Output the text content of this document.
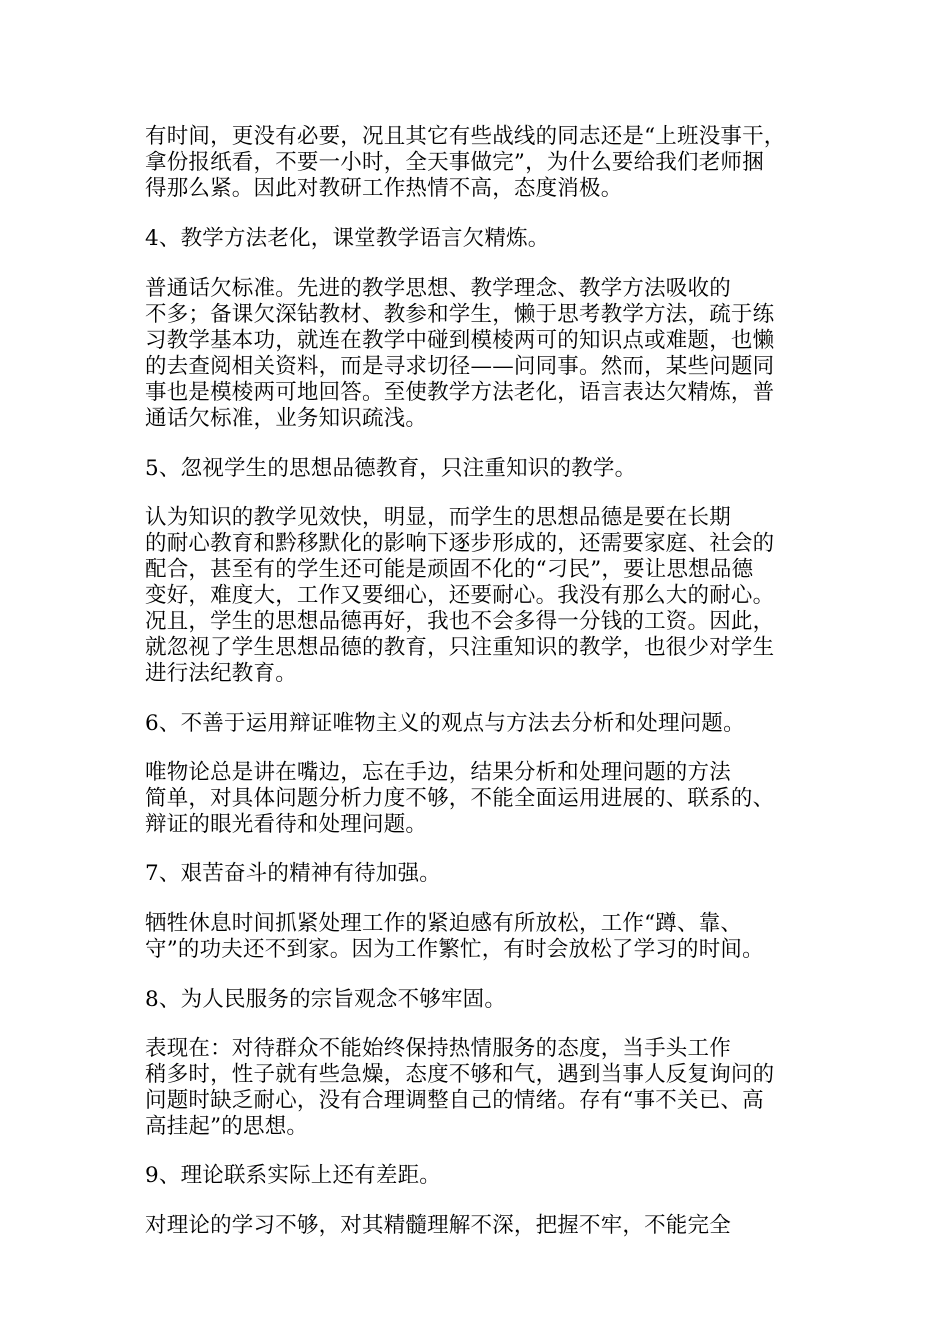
有时间，更没有必要，况且其它有些战线的同志还是“上班没事干，

拿份报纸看，不要一小时，全天事做完”，为什么要给我们老师捆

得那么紧。因此对教研工作热情不高，态度消极。

4、教学方法老化，课堂教学语言欠精炼。

普通话欠标准。先进的教学思想、教学理念、教学方法吸收的

不多；备课欠深钻教材、教参和学生，懒于思考教学方法，疏于练

习教学基本功，就连在教学中碰到模棱两可的知识点或难题，也懒

的去查阅相关资料，而是寻求切径——问同事。然而，某些问题同

事也是模棱两可地回答。至使教学方法老化，语言表达欠精炼，普

通话欠标准，业务知识疏浅。

5、忽视学生的思想品德教育，只注重知识的教学。

认为知识的教学见效快，明显，而学生的思想品德是要在长期

的耐心教育和黔移默化的影响下逐步形成的，还需要家庭、社会的

配合，甚至有的学生还可能是顽固不化的“刁民”，要让思想品德

变好，难度大，工作又要细心，还要耐心。我没有那么大的耐心。

况且，学生的思想品德再好，我也不会多得一分钱的工资。因此，

就忽视了学生思想品德的教育，只注重知识的教学，也很少对学生

进行法纪教育。

6、不善于运用辩证唯物主义的观点与方法去分析和处理问题。

唯物论总是讲在嘴边，忘在手边，结果分析和处理问题的方法

简单，对具体问题分析力度不够，不能全面运用进展的、联系的、

辩证的眼光看待和处理问题。

7、艰苦奋斗的精神有待加强。

牺牲休息时间抓紧处理工作的紧迫感有所放松，工作“蹲、靠、

守”的功夫还不到家。因为工作繁忙，有时会放松了学习的时间。

8、为人民服务的宗旨观念不够牢固。

表现在：对待群众不能始终保持热情服务的态度，当手头工作

稍多时，性子就有些急燥，态度不够和气，遇到当事人反复询问的

问题时缺乏耐心，没有合理调整自己的情绪。存有“事不关已、高

高挂起”的思想。

9、理论联系实际上还有差距。

对理论的学习不够，对其精髓理解不深，把握不牢，不能完全
